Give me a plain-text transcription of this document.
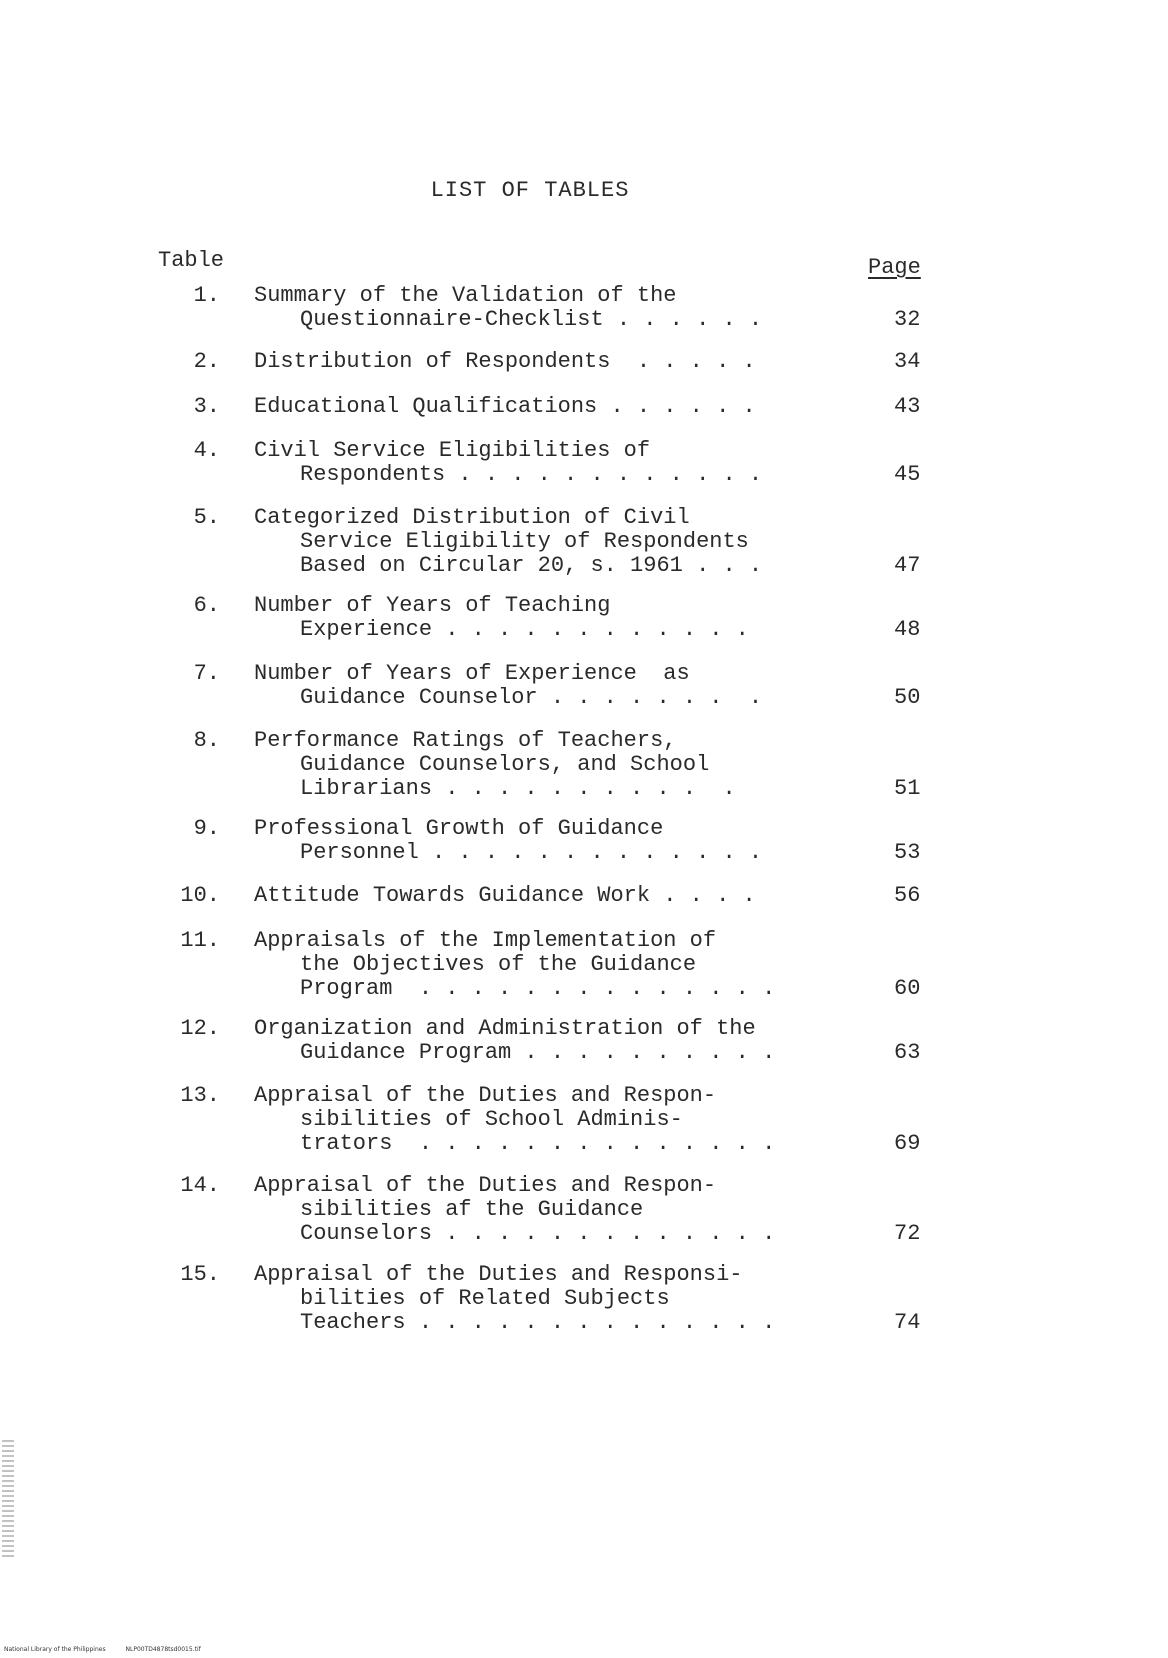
LIST OF TABLES
Table	Page
1. Summary of the Validation of the
Questionnaire-Checklist . . . . . .	32
2. Distribution of Respondents  . . . . .	34
3. Educational Qualifications . . . . . .	43
4. Civil Service Eligibilities of
Respondents . . . . . . . . . . . .	45
5. Categorized Distribution of Civil
Service Eligibility of Respondents
Based on Circular 20, s. 1961 . . .	47
6. Number of Years of Teaching
Experience . . . . . . . . . . . .	48
7. Number of Years of Experience  as
Guidance Counselor . . . . . . .  .	50
8. Performance Ratings of Teachers,
Guidance Counselors, and School
Librarians . . . . . . . . . .  .	51
9. Professional Growth of Guidance
Personnel . . . . . . . . . . . . .	53
10. Attitude Towards Guidance Work . . . .	56
11. Appraisals of the Implementation of
the Objectives of the Guidance
Program  . . . . . . . . . . . . . .	60
12. Organization and Administration of the
Guidance Program . . . . . . . . . .	63
13. Appraisal of the Duties and Respon-
sibilities of School Adminis-
trators  . . . . . . . . . . . . . .	69
14. Appraisal of the Duties and Respon-
sibilities af the Guidance
Counselors . . . . . . . . . . . . .	72
15. Appraisal of the Duties and Responsi-
bilities of Related Subjects
Teachers . . . . . . . . . . . . . .	74
National Library of the Philippines	NLP00TD4878tsd0015.tif
